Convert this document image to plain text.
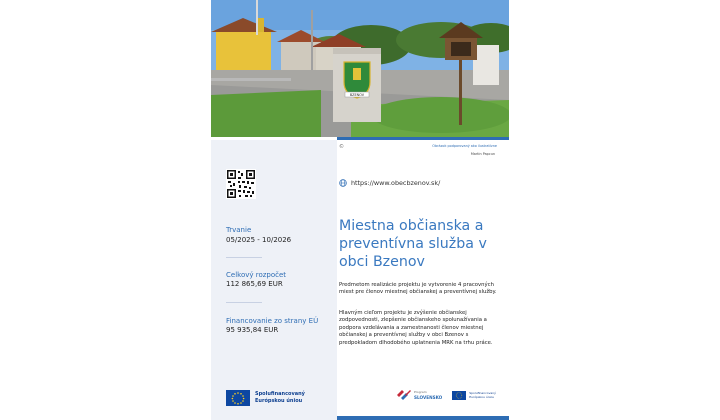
BZENOV
Trvanie
05/2025 - 10/2026
Celkový rozpočet
112 865,69 EUR
Financovanie zo strany EÚ
95 935,84 EUR
Spolufinancovaný Európskou úniou
©	Obrázok podporovaný ako ilustratívne
Martin Papcun
https://www.obecbzenov.sk/
Miestna občianska a preventívna služba v obci Bzenov
Predmetom realizácie projektu je vytvorenie 4 pracovných miest pre členov miestnej občianskej a preventívnej služby.
Hlavným cieľom projektu je zvýšenie občianskej zodpovednosti, zlepšenie občianskeho spolunažívania a podpora vzdelávania a zamestnanosti členov miestnej občianskej a preventívnej služby v obci Bzenov s predpokladom dlhodobého uplatnenia MRK na trhu práce.
Program
SLOVENSKO
Spolufinancovaný Európskou úniou
